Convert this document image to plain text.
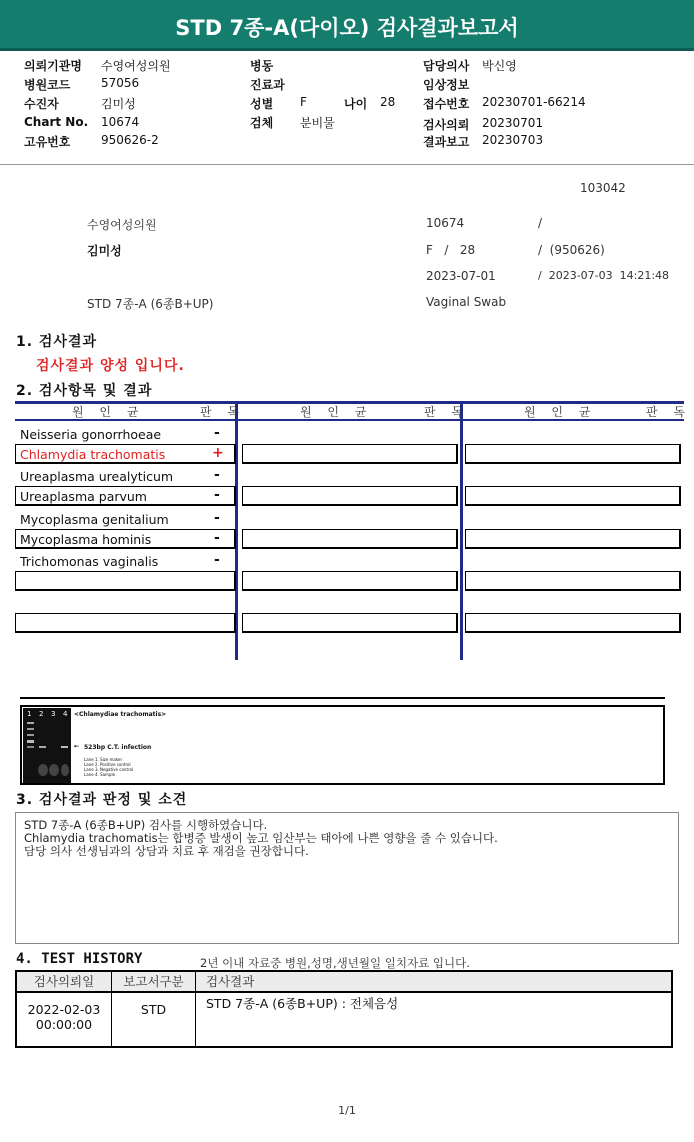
STD 7종-A(다이오) 검사결과보고서
의뢰기관명 수영여성의원
병원코드	57056
수진자	김미성
Chart No. 10674
고유번호	950626-2
병동
진료과
성별 F	나이 28
검체 분비물
담당의사 박신영
임상정보
접수번호 20230701-66214
검사의뢰 20230701
결과보고 20230703
103042
수영여성의원	10674	/
김미성	F   /   28	/  (950626)
2023-07-01	/  2023-07-03  14:21:48
STD 7종-A (6종B+UP)	Vaginal Swab
1. 검사결과
검사결과 양성 입니다.
2. 검사항목 및 결과
원 인 균	판 독	원 인 균	판 독	원 인 균	판 독
Neisseria gonorrhoeae	-
Chlamydia trachomatis	+
Ureaplasma urealyticum	-
Ureaplasma parvum	-
Mycoplasma genitalium	-
Mycoplasma hominis	-
Trichomonas vaginalis	-
1 2 3 4 <Chlamydiae trachomatis>
← 523bp C.T. infection
Lane 1. Size maker
Lane 2. Positive control
Lane 3. Negative control
Lane 4. Sample
3. 검사결과 판정 및 소견
STD 7종-A (6종B+UP) 검사를 시행하였습니다.
Chlamydia trachomatis는 합병증 발생이 높고 임산부는 태아에 나쁜 영향을 줄 수 있습니다.
담당 의사 선생님과의 상담과 치료 후 재검을 권장합니다.
4. TEST HISTORY	2년 이내 자료중 병원,성명,생년월일 일치자료 입니다.
검사의뢰일	보고서구분	검사결과
2022-02-03
00:00:00
STD	STD 7종-A (6종B+UP) : 전체음성
1/1
